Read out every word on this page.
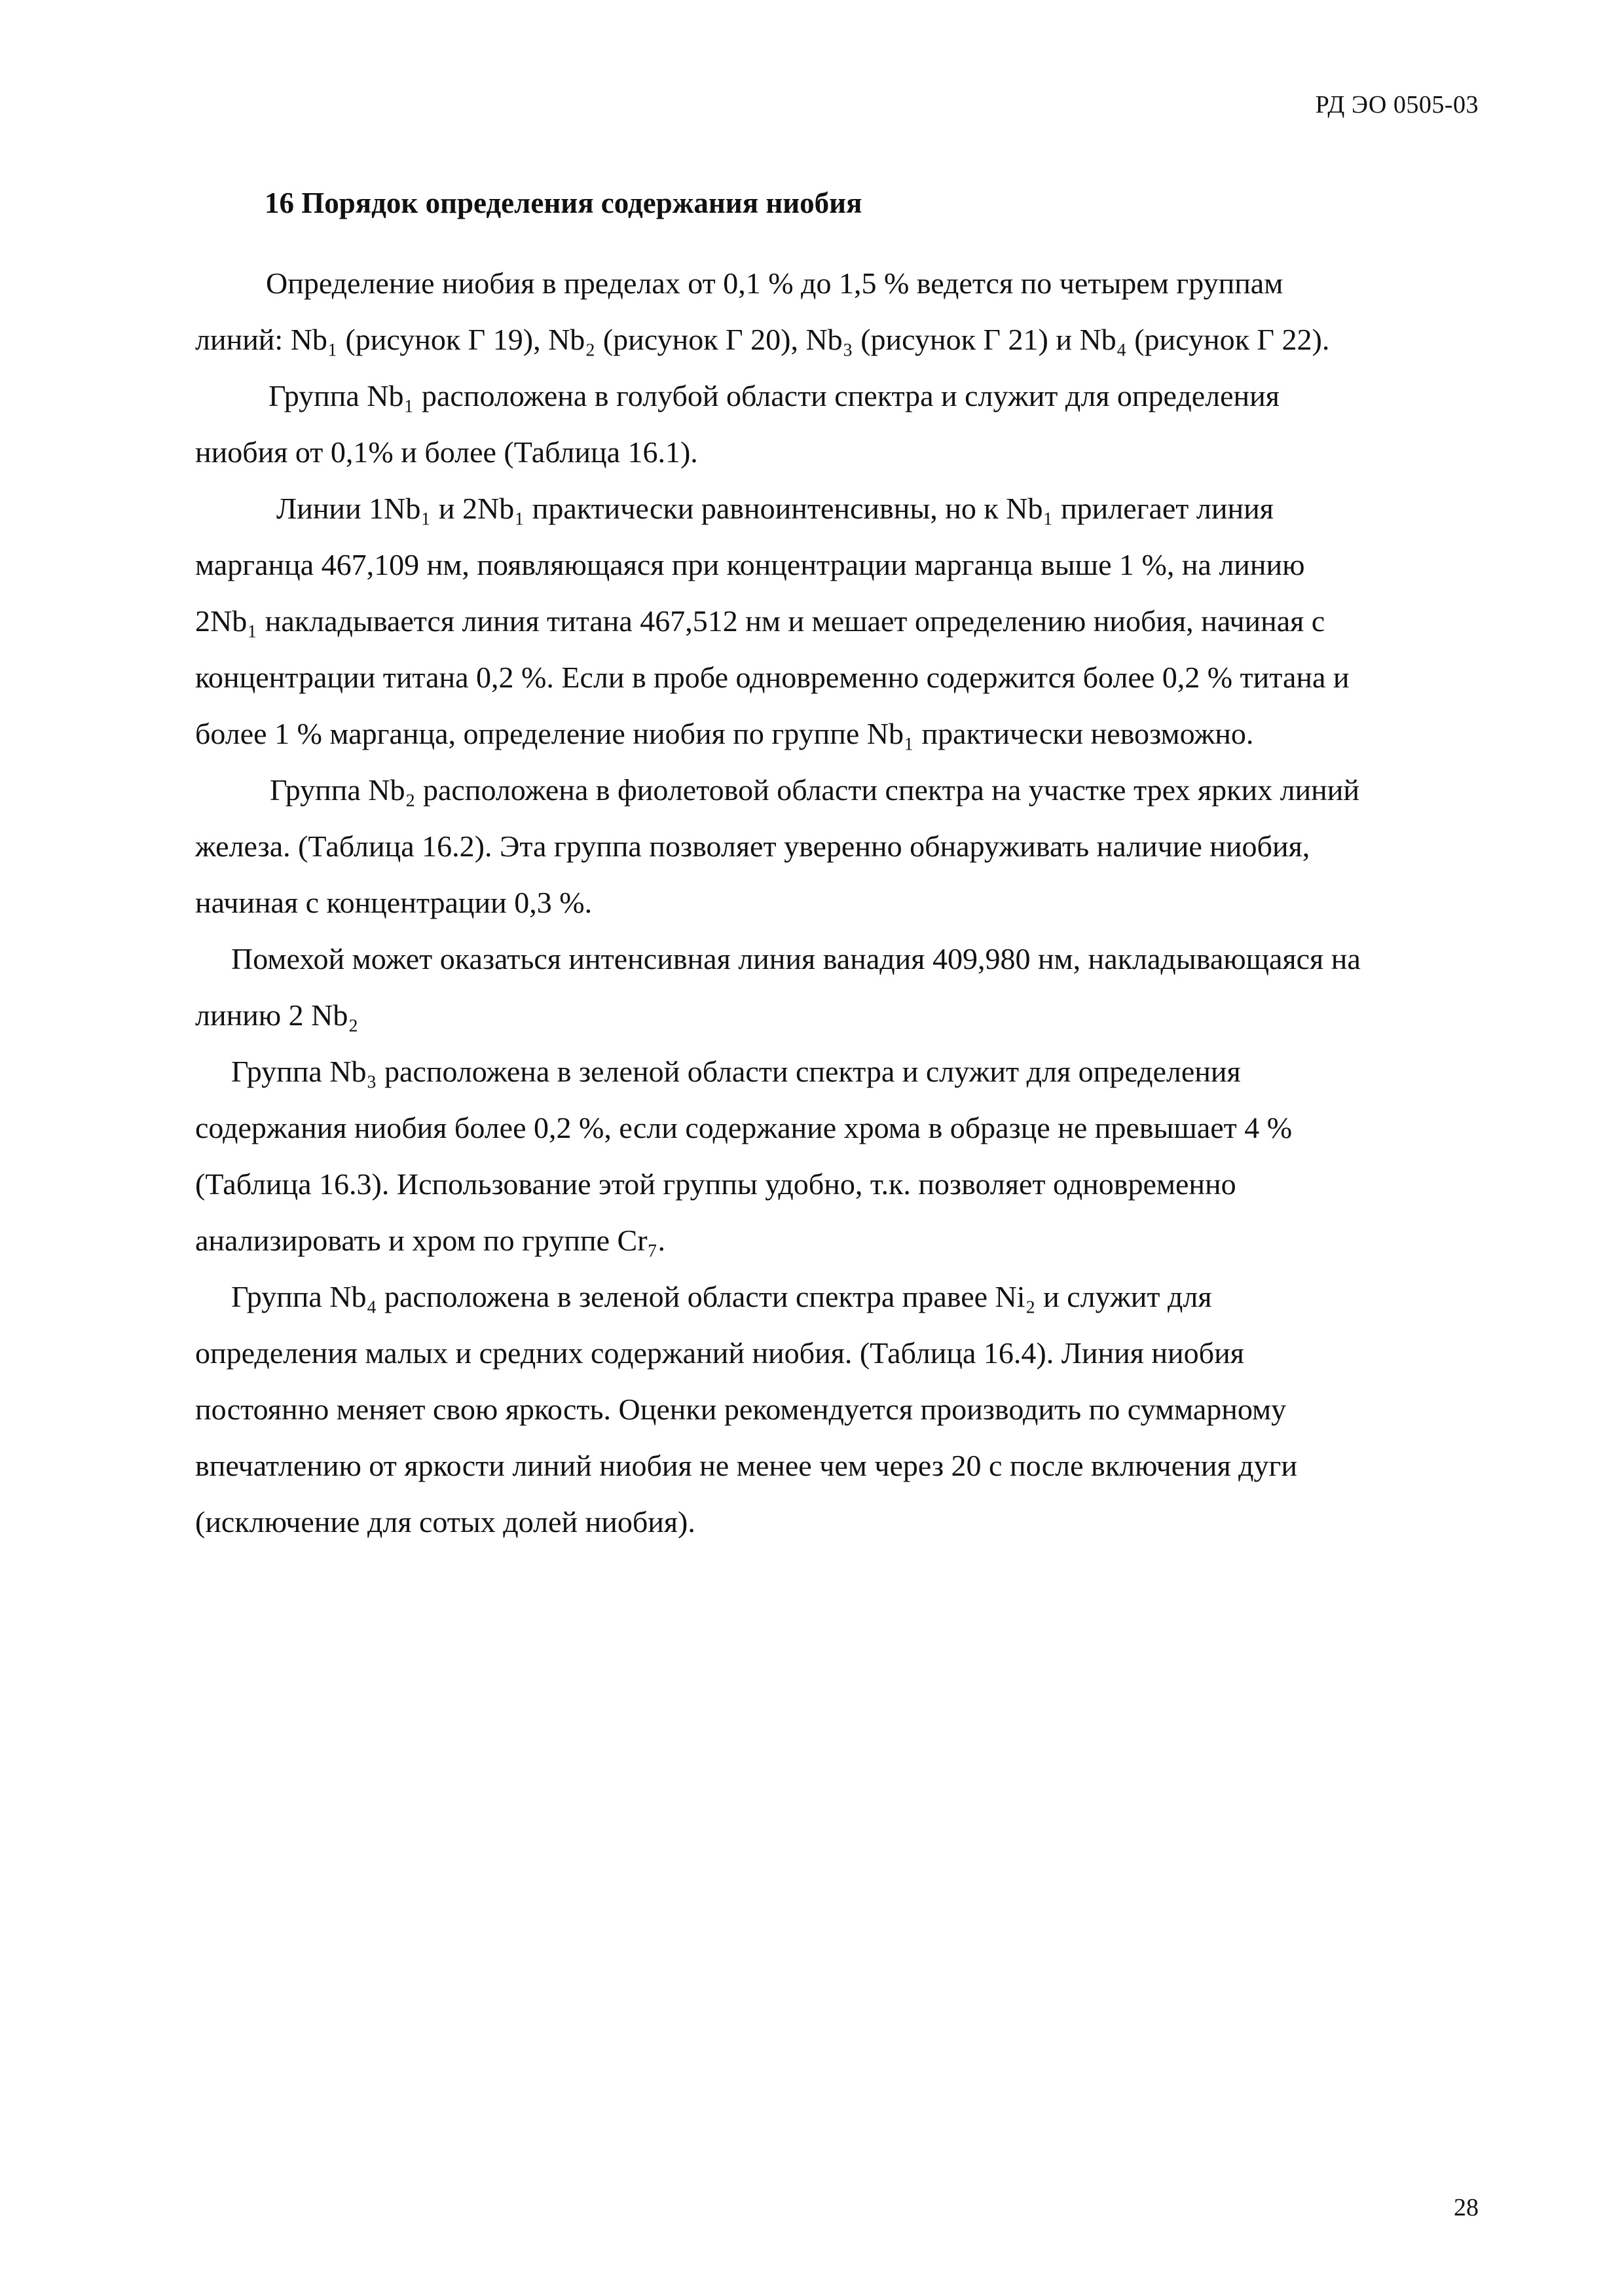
РД ЭО 0505-03
16 Порядок определения содержания ниобия
Определение ниобия в пределах от 0,1 % до 1,5 % ведется по четырем группам
линий: Nb₁ (рисунок Г 19), Nb₂ (рисунок Г 20), Nb₃ (рисунок Г 21) и Nb₄ (рисунок Г 22).
Группа Nb₁ расположена в голубой области спектра и служит для определения
ниобия от 0,1% и более (Таблица 16.1).
Линии 1Nb₁ и 2Nb₁ практически равноинтенсивны, но к Nb₁ прилегает линия
марганца 467,109 нм, появляющаяся при концентрации марганца выше 1 %, на линию
2Nb₁ накладывается линия титана 467,512 нм и мешает определению ниобия, начиная с
концентрации титана 0,2 %. Если в пробе одновременно содержится более 0,2 % титана и
более 1 % марганца, определение ниобия по группе Nb₁ практически невозможно.
Группа Nb₂ расположена в фиолетовой области спектра на участке трех ярких линий
железа. (Таблица 16.2). Эта группа позволяет уверенно обнаруживать наличие ниобия,
начиная с концентрации 0,3 %.
Помехой может оказаться интенсивная линия ванадия 409,980 нм, накладывающаяся на
линию 2 Nb₂
Группа Nb₃ расположена в зеленой области спектра и служит для определения
содержания ниобия более 0,2 %, если содержание хрома в образце не превышает 4 %
(Таблица 16.3). Использование этой группы удобно, т.к. позволяет одновременно
анализировать и хром по группе Cr₇.
Группа Nb₄ расположена в зеленой области спектра правее Ni₂ и служит для
определения малых и средних содержаний ниобия. (Таблица 16.4). Линия ниобия
постоянно меняет свою яркость. Оценки рекомендуется производить по суммарному
впечатлению от яркости линий ниобия не менее чем через 20 с после включения дуги
(исключение для сотых долей ниобия).
28
